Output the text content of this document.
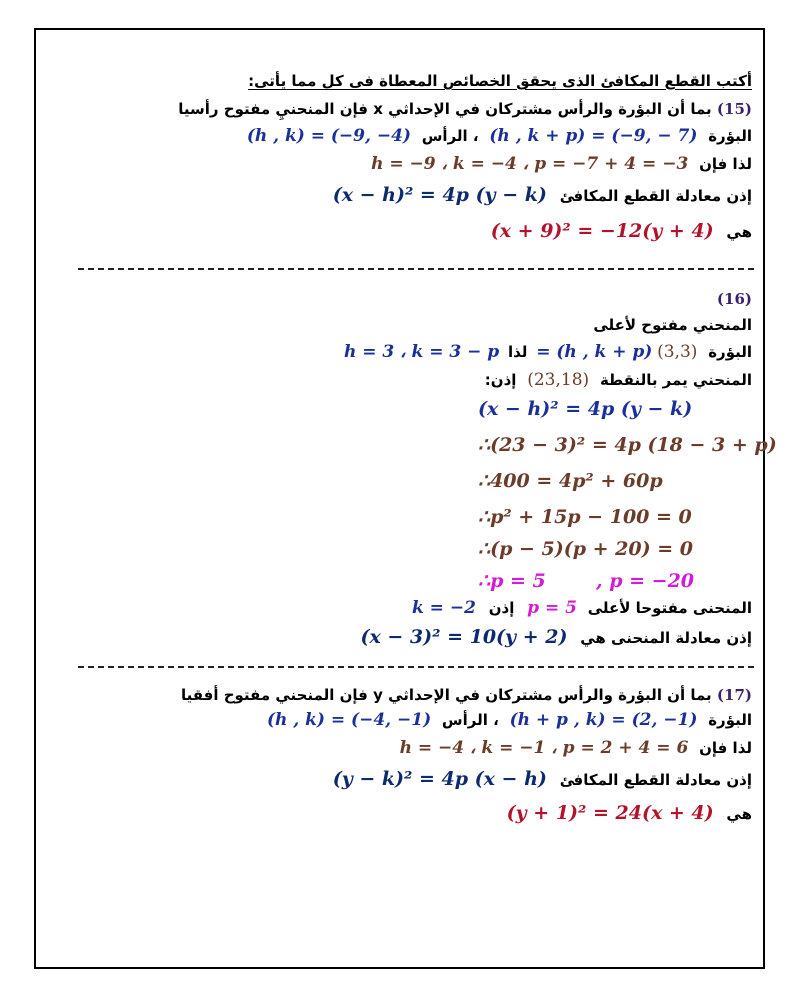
أكتب القطع المكافئ الذى يحقق الخصائص المعطاة فى كل مما يأتى:
(15) بما أن البؤرة والرأس مشتركان في الإحداثي x فإن المنحنيِ مفتوح رأسيا
(h , k) = (−9, −4) ، الرأس (h , k + p) = (−9, − 7) البؤرة
h = −9 ، k = −4 ، p = −7 + 4 = −3 لذا فإن
(x − h)² = 4p (y − k) إذن معادلة القطع المكافئ
(x + 9)² = −12(y + 4) هي
(16)
المنحني مفتوح لأعلى
h = 3 ، k = 3 − p لذا = (h , k + p) (3,3) البؤرة
إذن: (23,18) المنحني يمر بالنقطة
(x − h)² = 4p (y − k)
∴(23 − 3)² = 4p (18 − 3 + p)
∴400 = 4p² + 60p
∴p² + 15p − 100 = 0
∴(p − 5)(p + 20) = 0
∴p = 5	, p = −20
k = −2 إذن p = 5 المنحنى مفتوحا لأعلى
(x − 3)² = 10(y + 2) إذن معادلة المنحنى هي
(17) بما أن البؤرة والرأس مشتركان في الإحداثي y فإن المنحني مفتوح أفقيا
(h , k) = (−4, −1) ، الرأس (h + p , k) = (2, −1) البؤرة
h = −4 ، k = −1 ، p = 2 + 4 = 6 لذا فإن
(y − k)² = 4p (x − h) إذن معادلة القطع المكافئ
(y + 1)² = 24(x + 4) هي
